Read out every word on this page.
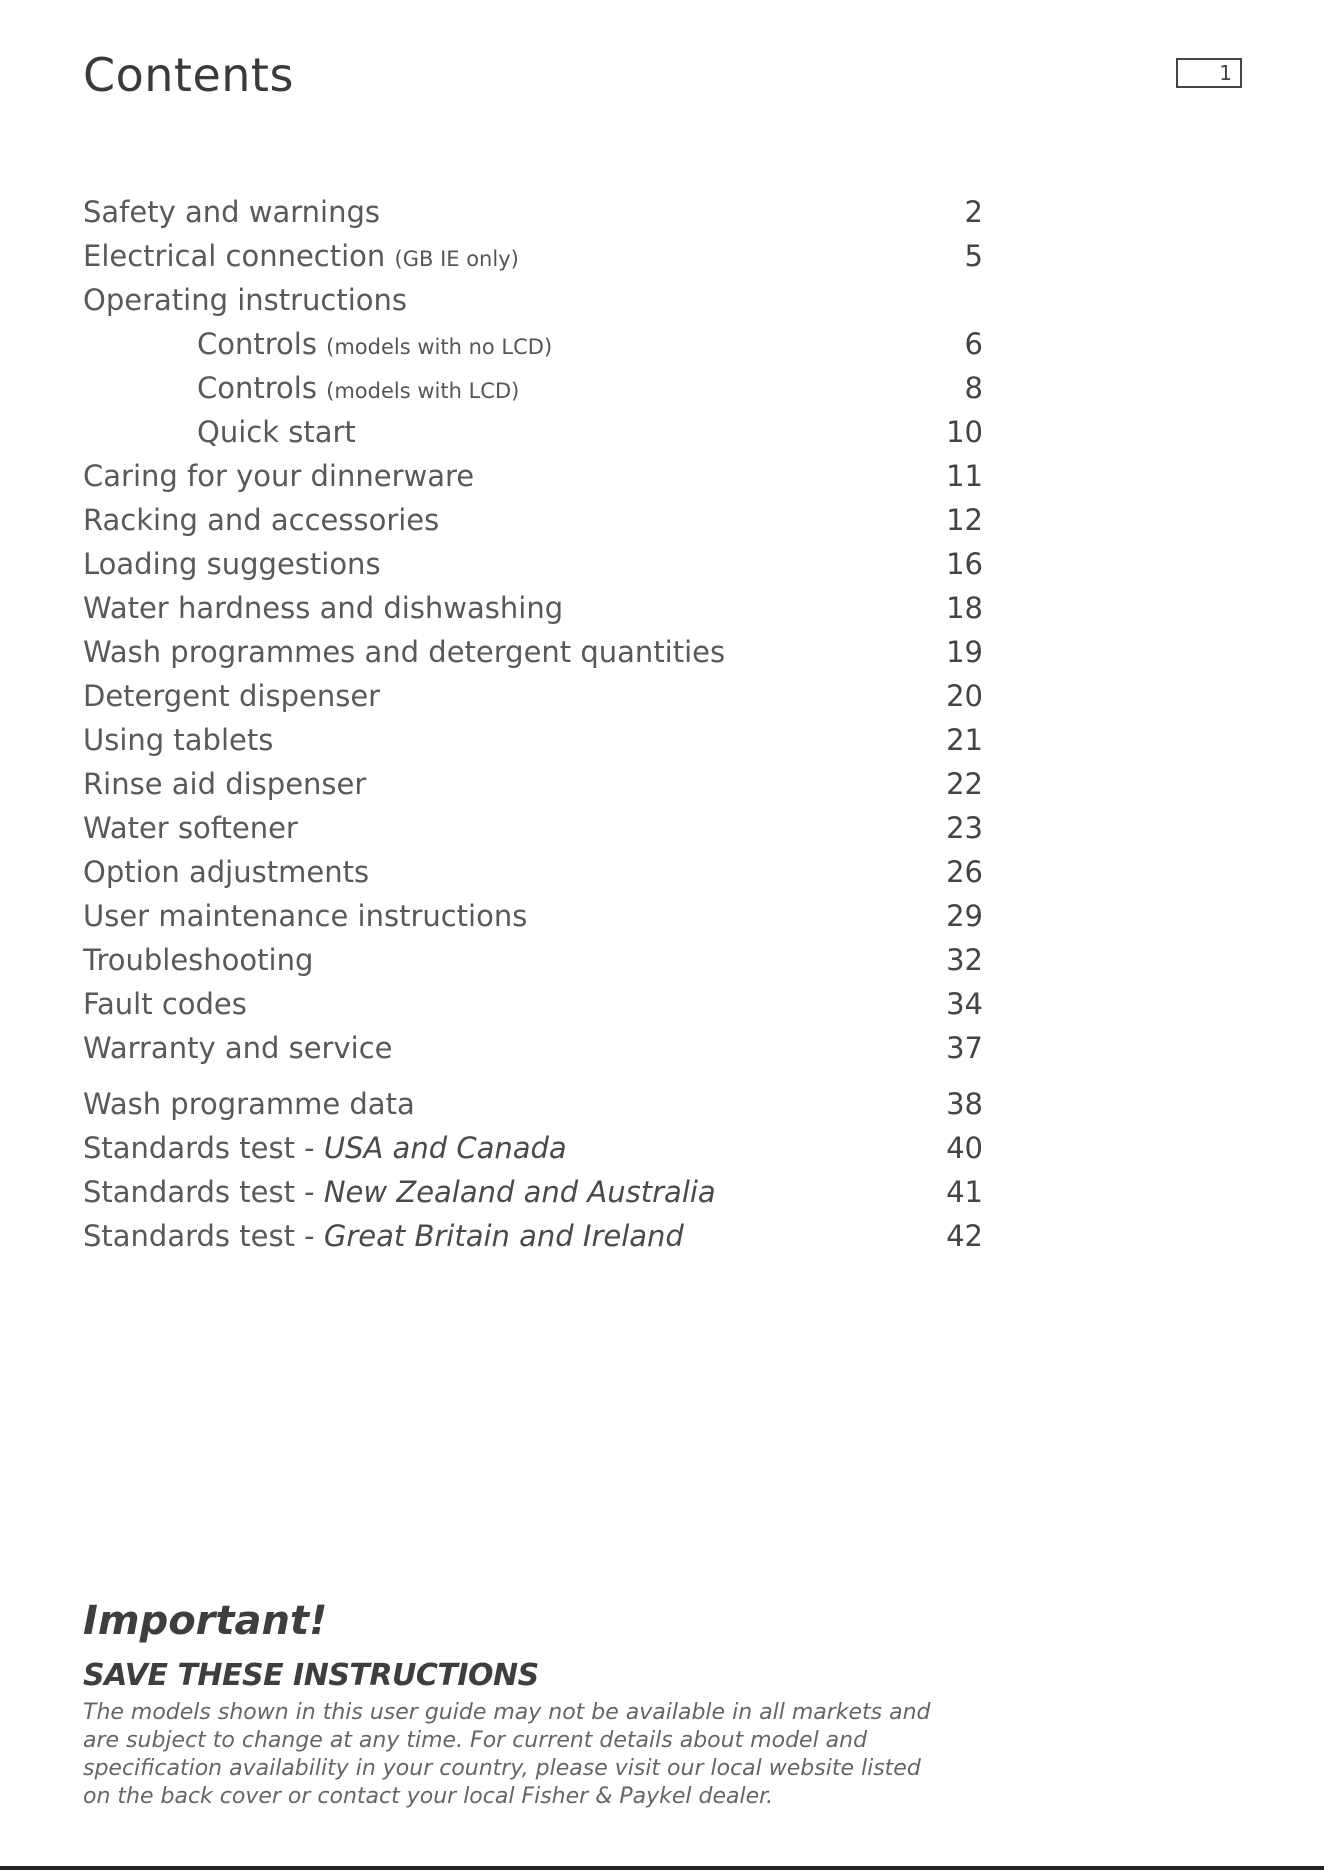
Contents	1
Safety and warnings	2
Electrical connection (GB IE only)	5
Operating instructions
Controls (models with no LCD)	6
Controls (models with LCD)	8
Quick start	10
Caring for your dinnerware	11
Racking and accessories	12
Loading suggestions	16
Water hardness and dishwashing	18
Wash programmes and detergent quantities	19
Detergent dispenser	20
Using tablets	21
Rinse aid dispenser	22
Water softener	23
Option adjustments	26
User maintenance instructions	29
Troubleshooting	32
Fault codes	34
Warranty and service	37
Wash programme data	38
Standards test - USA and Canada	40
Standards test - New Zealand and Australia	41
Standards test - Great Britain and Ireland	42
Important!
SAVE THESE INSTRUCTIONS

The models shown in this user guide may not be available in all markets and are subject to change at any time. For current details about model and specification availability in your country, please visit our local website listed on the back cover or contact your local Fisher & Paykel dealer.
